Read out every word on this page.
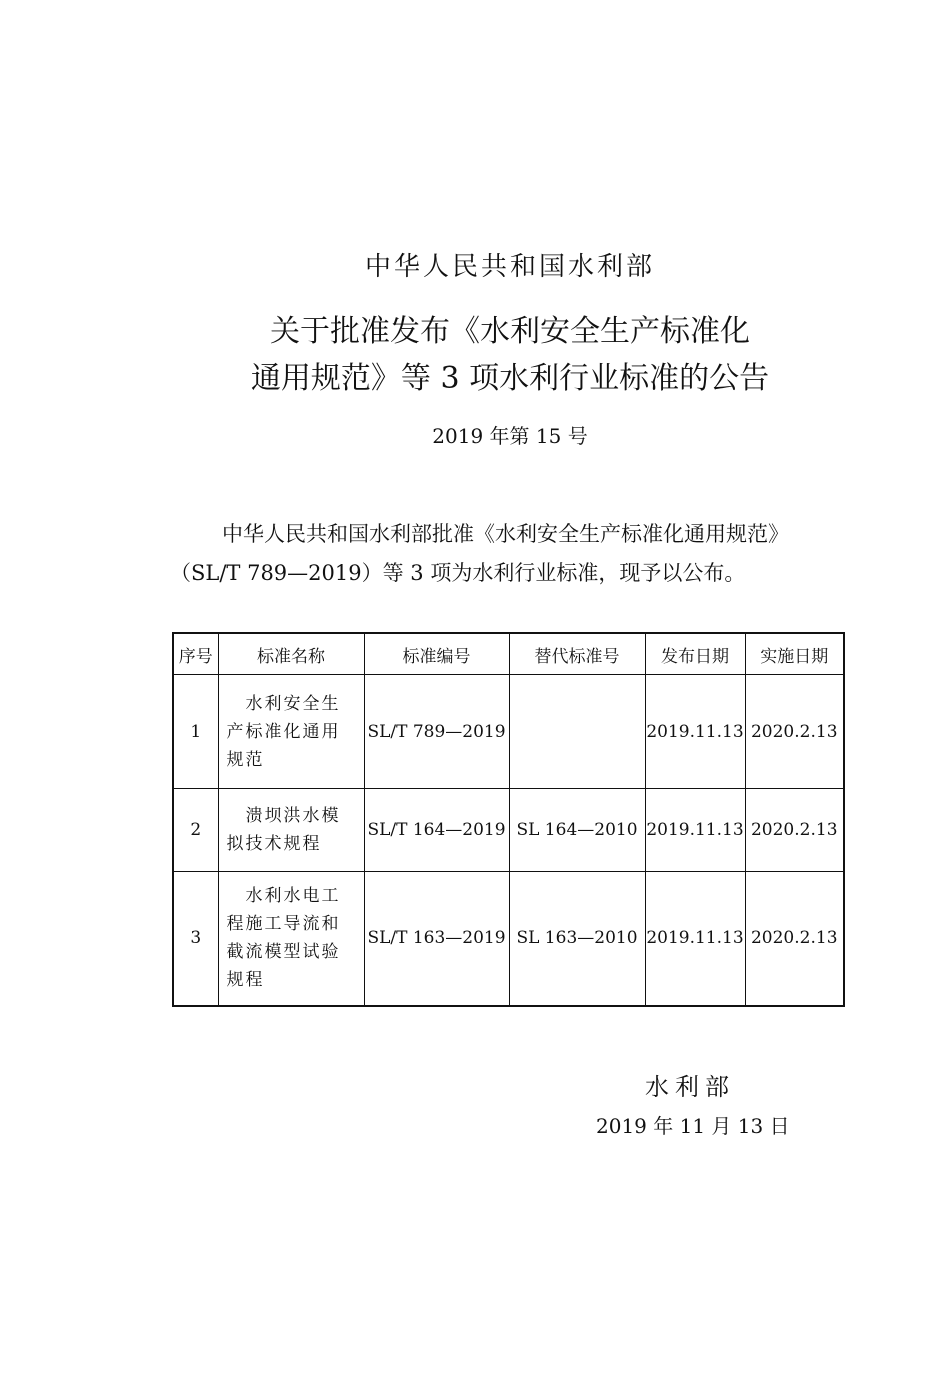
中华人民共和国水利部
关于批准发布《水利安全生产标准化
通用规范》等 3 项水利行业标准的公告
2019 年第 15 号
中华人民共和国水利部批准《水利安全生产标准化通用规范》
（SL/T 789—2019）等 3 项为水利行业标准，现予以公布。
序号	标准名称	标准编号	替代标准号	发布日期	实施日期
1	　水利安全生
产标准化通用
规范	SL/T 789—2019		2019.11.13	2020.2.13
2	　溃坝洪水模
拟技术规程	SL/T 164—2019	SL 164—2010	2019.11.13	2020.2.13
3	　水利水电工
程施工导流和
截流模型试验
规程	SL/T 163—2019	SL 163—2010	2019.11.13	2020.2.13
水利部
2019 年 11 月 13 日
